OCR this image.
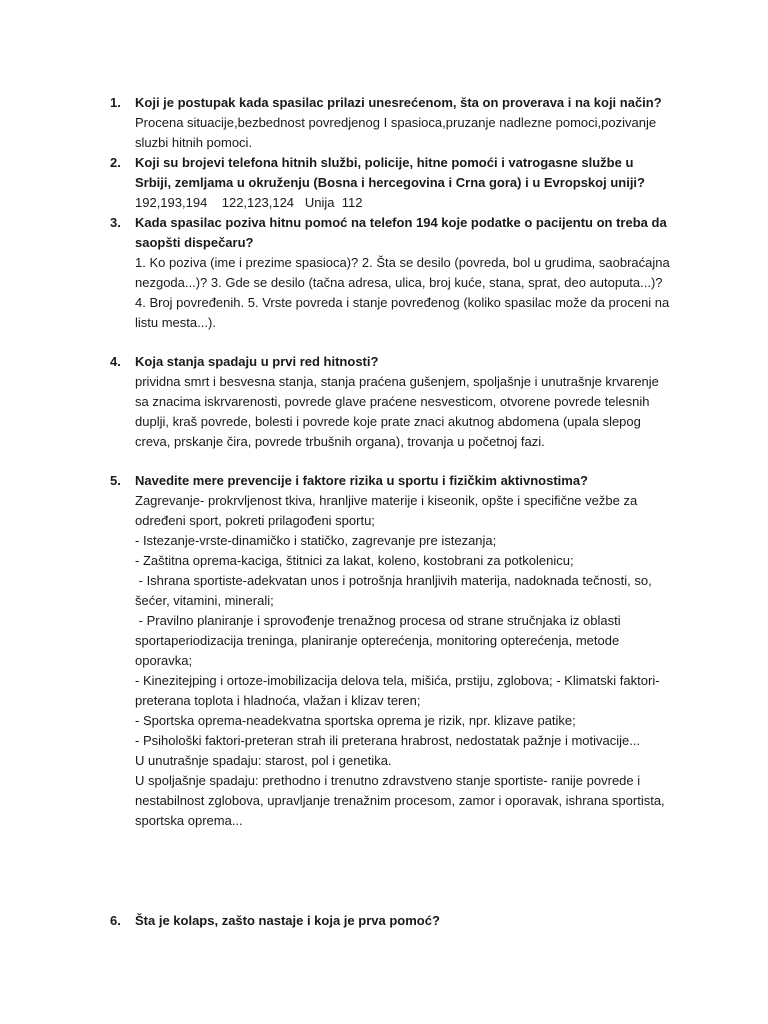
1.	Koji je postupak kada spasilac prilazi unesrećenom, šta on proverava i na koji način?

Procena situacije,bezbednost povredjenog I spasioca,pruzanje nadlezne pomoci,pozivanje sluzbi hitnih pomoci.

2.	Koji su brojevi telefona hitnih službi, policije, hitne pomoći i vatrogasne službe u Srbiji, zemljama u okruženju (Bosna i hercegovina i Crna gora) i u Evropskoj uniji?

192,193,194    122,123,124   Unija  112

3.	Kada spasilac poziva hitnu pomoć na telefon 194 koje podatke o pacijentu on treba da saopšti dispečaru?

1. Ko poziva (ime i prezime spasioca)? 2. Šta se desilo (povreda, bol u grudima, saobraćajna nezgoda...)? 3. Gde se desilo (tačna adresa, ulica, broj kuće, stana, sprat, deo autoputa...)? 4. Broj povređenih. 5. Vrste povreda i stanje povređenog (koliko spasilac može da proceni na listu mesta...).

4.	Koja stanja spadaju u prvi red hitnosti?

prividna smrt i besvesna stanja, stanja praćena gušenjem, spoljašnje i unutrašnje krvarenje sa znacima iskrvarenosti, povrede glave praćene nesvesticom, otvorene povrede telesnih duplji, kraš povrede, bolesti i povrede koje prate znaci akutnog abdomena (upala slepog creva, prskanje čira, povrede trbušnih organa), trovanja u početnoj fazi.

5.	Navedite mere prevencije i faktore rizika u sportu i fizičkim aktivnostima?

Zagrevanje- prokrvljenost tkiva, hranljive materije i kiseonik, opšte i specifične vežbe za određeni sport, pokreti prilagođeni sportu;

- Istezanje-vrste-dinamičko i statičko, zagrevanje pre istezanja;

- Zaštitna oprema-kaciga, štitnici za lakat, koleno, kostobrani za potkolenicu;

- Ishrana sportiste-adekvatan unos i potrošnja hranljivih materija, nadoknada tečnosti, so, šećer, vitamini, minerali;

- Pravilno planiranje i sprovođenje trenažnog procesa od strane stručnjaka iz oblasti sportaperiodizacija treninga, planiranje opterećenja, monitoring opterećenja, metode oporavka;

- Kinezitejping i ortoze-imobilizacija delova tela, mišića, prstiju, zglobova; - Klimatski faktori-preterana toplota i hladnoća, vlažan i klizav teren;

- Sportska oprema-neadekvatna sportska oprema je rizik, npr. klizave patike;

- Psihološki faktori-preteran strah ili preterana hrabrost, nedostatak pažnje i motivacije...

U unutrašnje spadaju: starost, pol i genetika.

U spoljašnje spadaju: prethodno i trenutno zdravstveno stanje sportiste- ranije povrede i nestabilnost zglobova, upravljanje trenažnim procesom, zamor i oporavak, ishrana sportista, sportska oprema...

6.	Šta je kolaps, zašto nastaje i koja je prva pomoć?
